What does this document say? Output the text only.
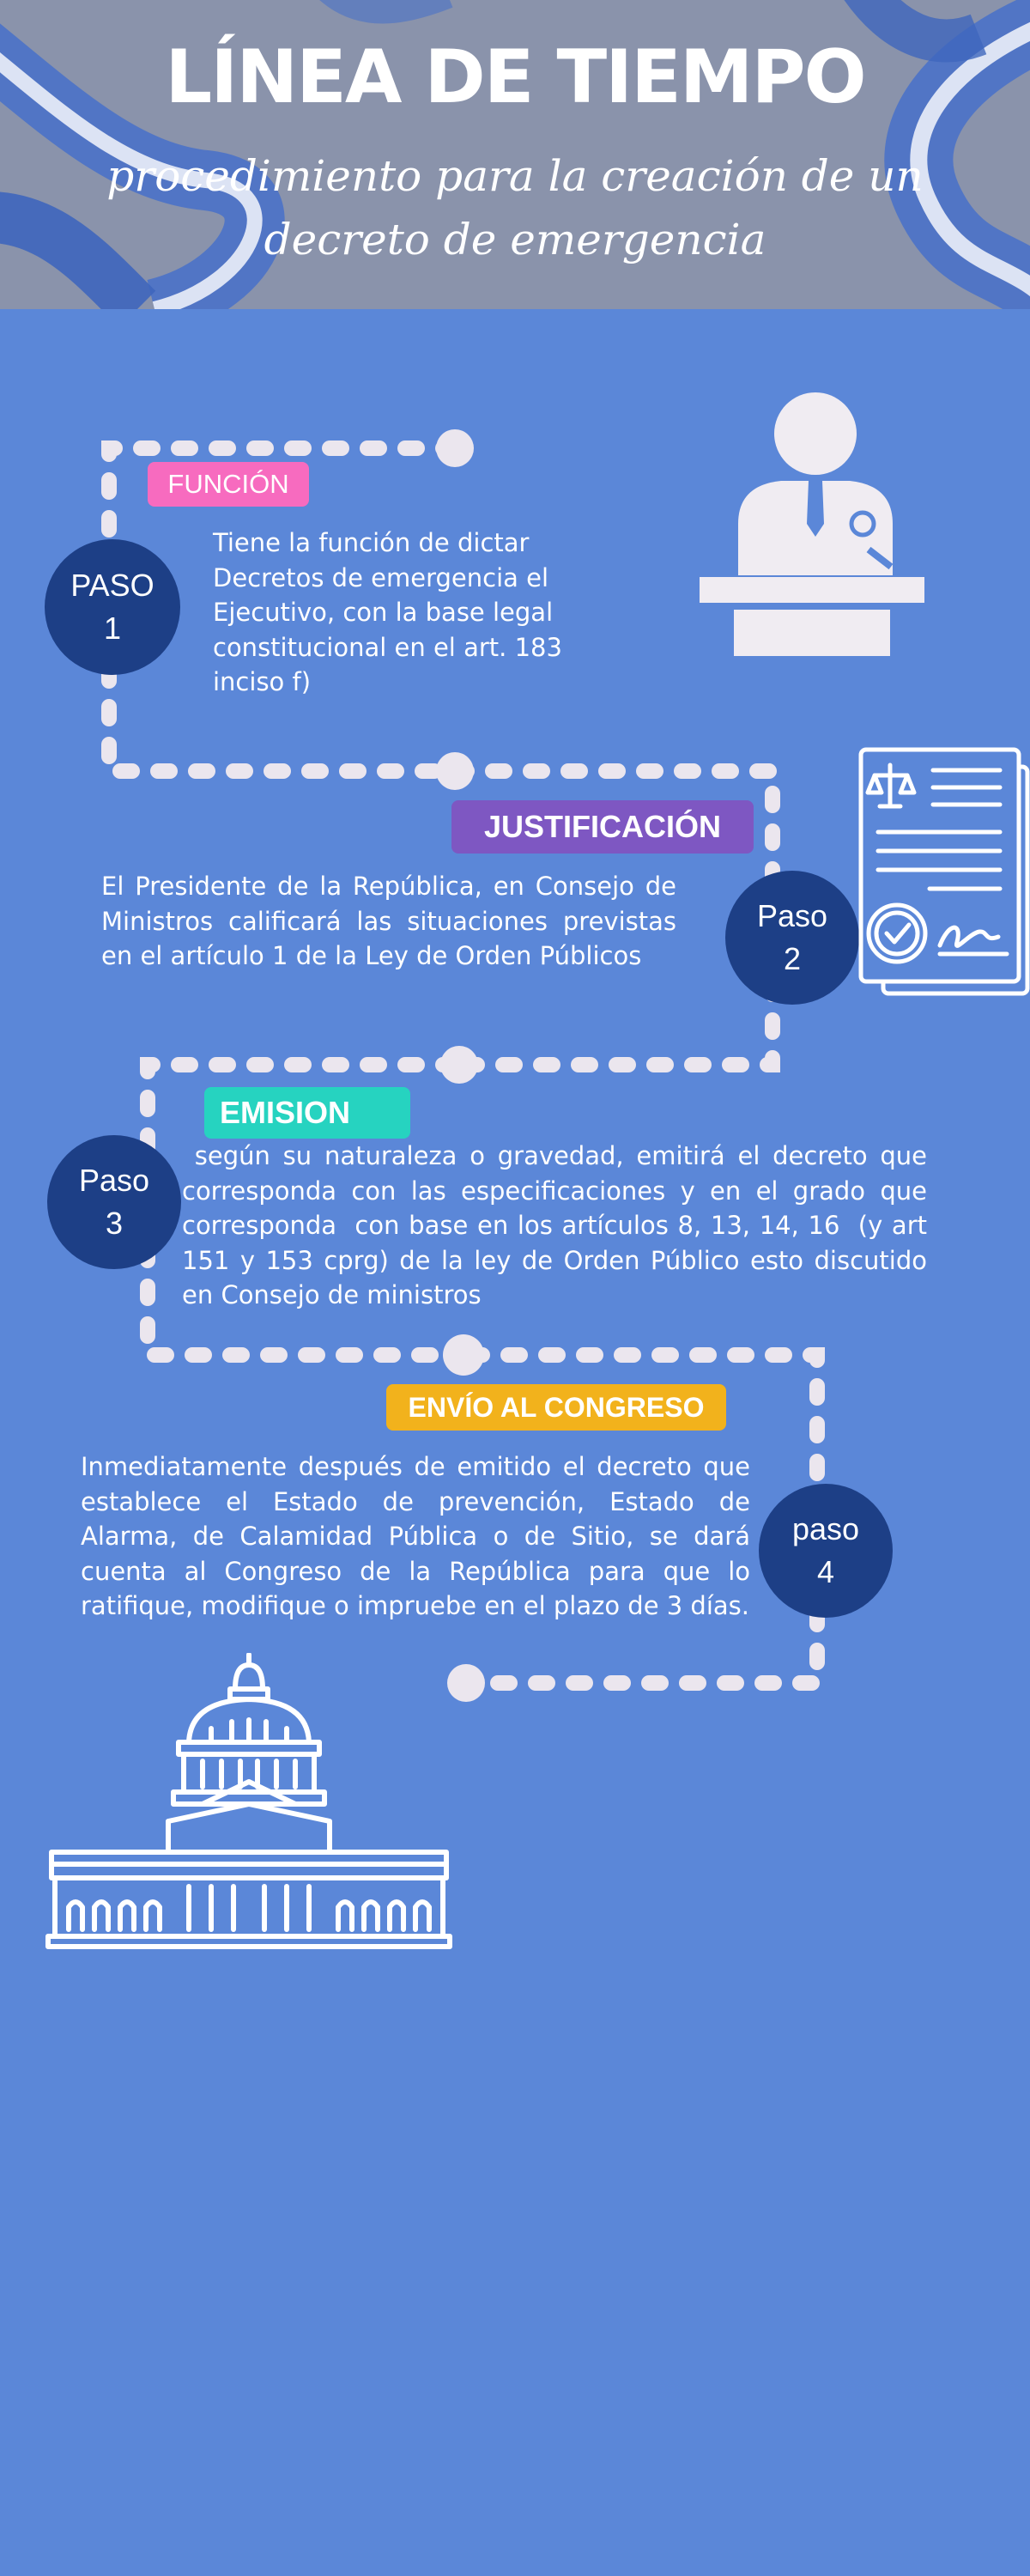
LÍNEA DE TIEMPO
procedimiento para la creación de un decreto de emergencia
FUNCIÓN
PASO
1
Tiene la función de dictar Decretos de emergencia el Ejecutivo, con la base legal constitucional en el art. 183 inciso f)
JUSTIFICACIÓN
Paso
2
El Presidente de la República, en Consejo de Ministros calificará las situaciones previstas en el artículo 1 de la Ley de Orden Públicos
EMISION
Paso
3
según su naturaleza o gravedad, emitirá el decreto que corresponda con las especificaciones y en el grado que corresponda  con base en los artículos 8, 13, 14, 16  (y art 151 y 153 cprg) de la ley de Orden Público esto discutido en Consejo de ministros
ENVÍO AL CONGRESO
paso
4
Inmediatamente después de emitido el decreto que establece el Estado de prevención, Estado de Alarma, de Calamidad Pública o de Sitio, se dará cuenta al Congreso de la República para que lo ratifique, modifique o impruebe en el plazo de 3 días.
